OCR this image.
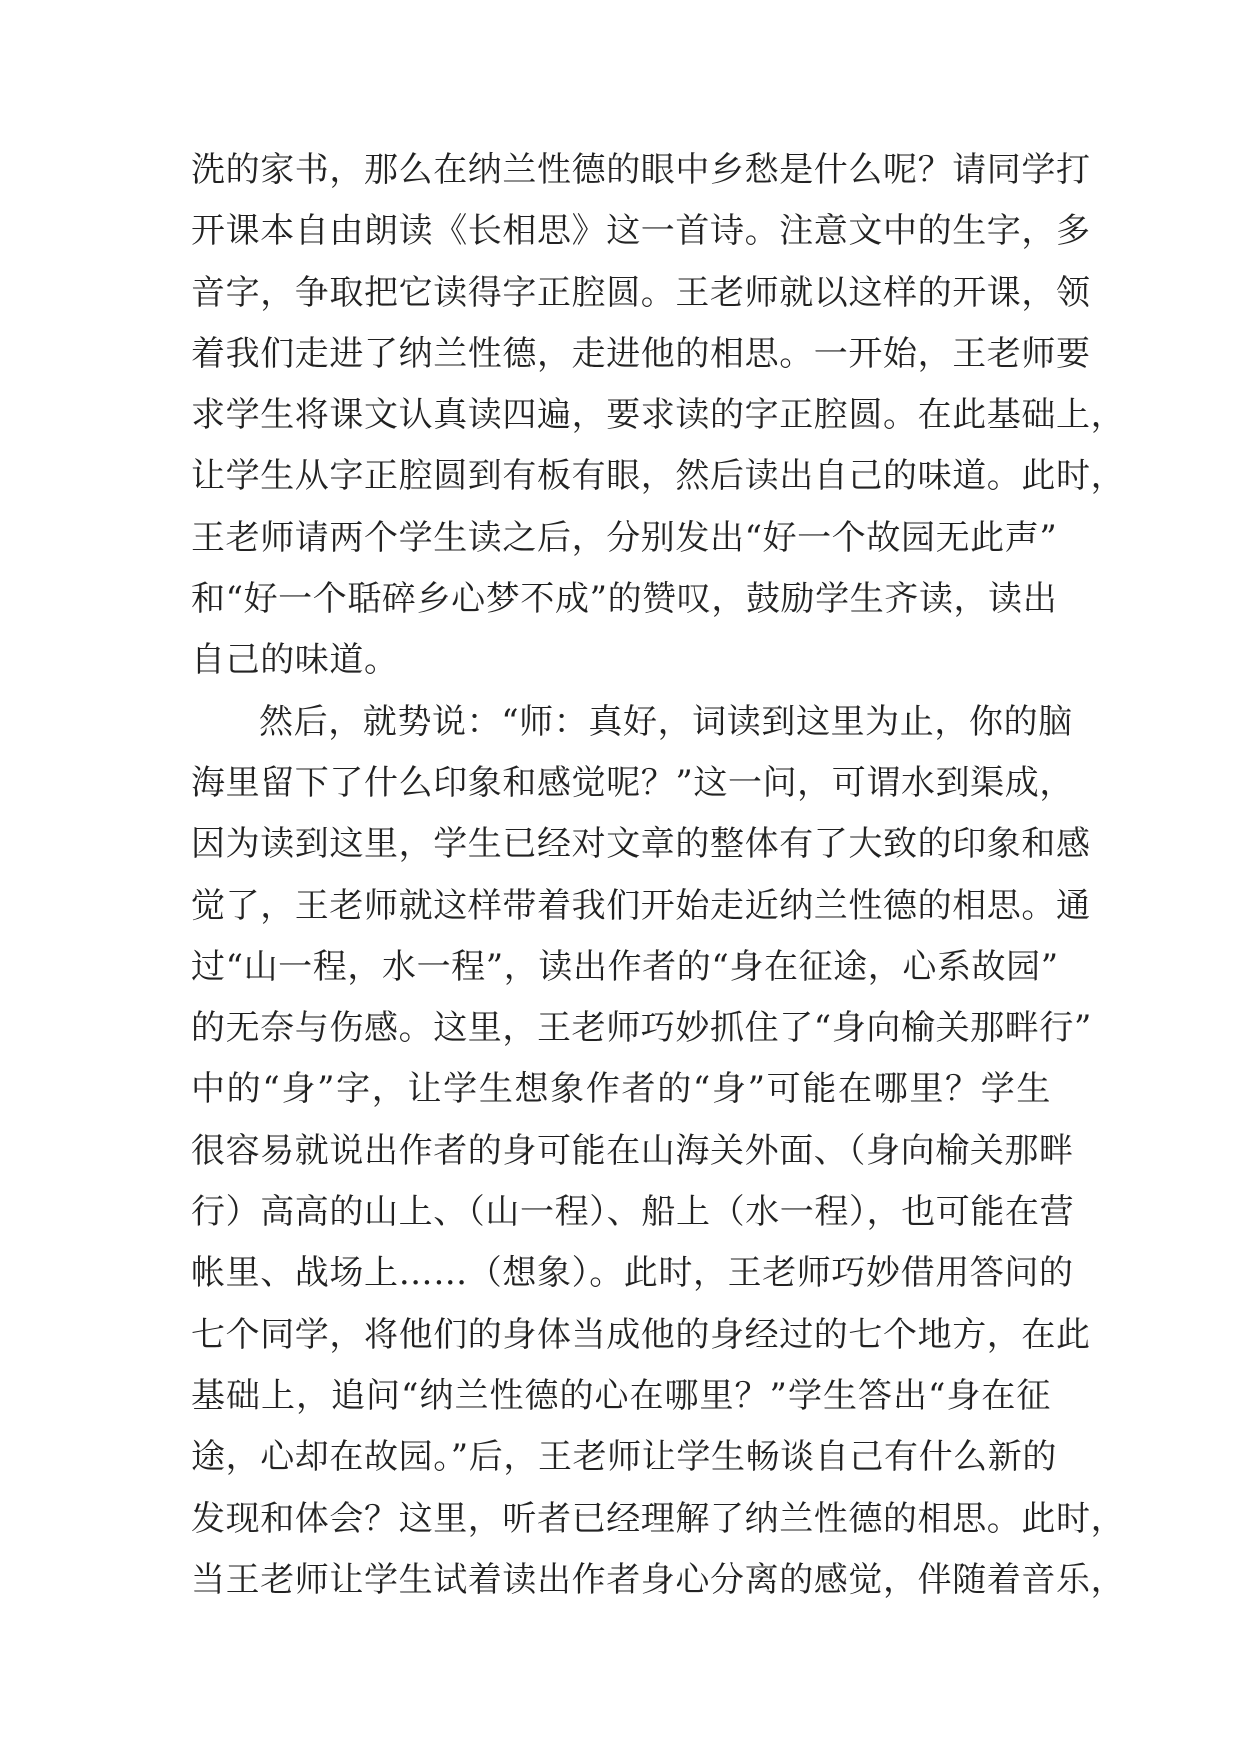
洗的家书，那么在纳兰性德的眼中乡愁是什么呢？请同学打
开课本自由朗读《长相思》这一首诗。注意文中的生字，多
音字，争取把它读得字正腔圆。王老师就以这样的开课，领
着我们走进了纳兰性德，走进他的相思。一开始，王老师要
求学生将课文认真读四遍，要求读的字正腔圆。在此基础上，
让学生从字正腔圆到有板有眼，然后读出自己的味道。此时，
王老师请两个学生读之后，分别发出“好一个故园无此声”
和“好一个聒碎乡心梦不成”的赞叹，鼓励学生齐读，读出
自己的味道。
然后，就势说：“师：真好，词读到这里为止，你的脑
海里留下了什么印象和感觉呢？”这一问，可谓水到渠成，
因为读到这里，学生已经对文章的整体有了大致的印象和感
觉了，王老师就这样带着我们开始走近纳兰性德的相思。通
过“山一程，水一程”，读出作者的“身在征途，心系故园”
的无奈与伤感。这里，王老师巧妙抓住了“身向榆关那畔行”
中的“身”字，让学生想象作者的“身”可能在哪里？学生
很容易就说出作者的身可能在山海关外面、（身向榆关那畔
行）高高的山上、（山一程）、船上（水一程），也可能在营
帐里、战场上……（想象）。此时，王老师巧妙借用答问的
七个同学，将他们的身体当成他的身经过的七个地方，在此
基础上，追问“纳兰性德的心在哪里？”学生答出“身在征
途，心却在故园。”后，王老师让学生畅谈自己有什么新的
发现和体会？这里，听者已经理解了纳兰性德的相思。此时，
当王老师让学生试着读出作者身心分离的感觉，伴随着音乐，
